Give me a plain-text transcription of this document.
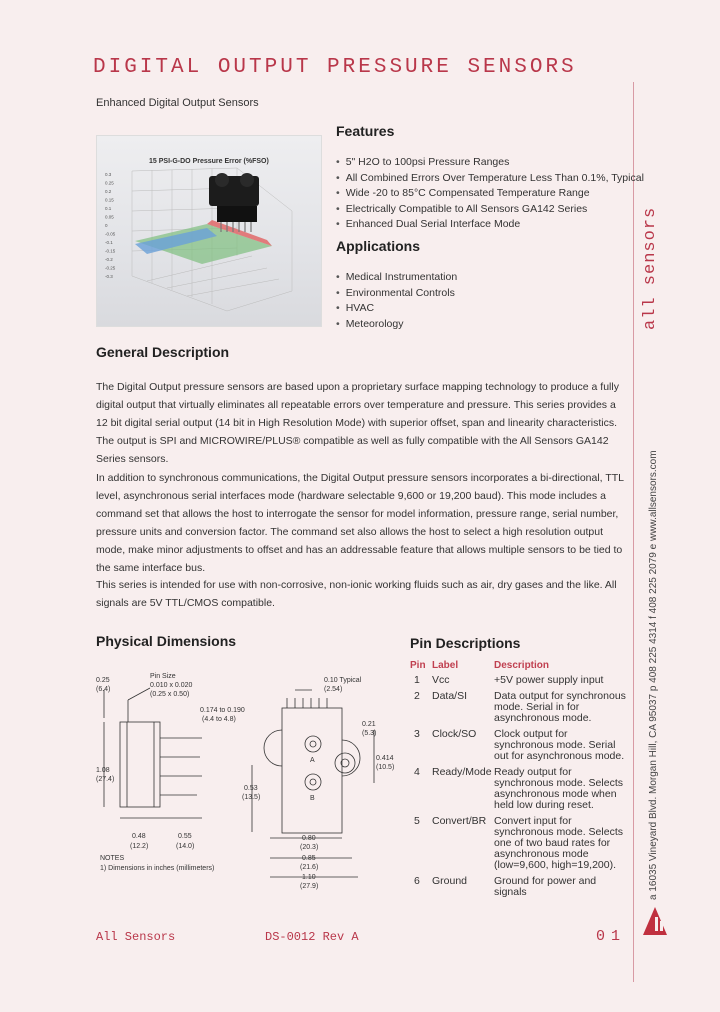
DIGITAL OUTPUT PRESSURE SENSORS
Enhanced Digital Output Sensors
15 PSI-G-DO Pressure Error (%FSO)
0.3
0.25
0.2
0.15
0.1
0.05
0
-0.05
-0.1
-0.15
-0.2
-0.25
-0.3
Features
• 5" H2O to 100psi Pressure Ranges
• All Combined Errors Over Temperature Less Than 0.1%, Typical
• Wide -20 to 85°C Compensated Temperature Range
• Electrically Compatible to All Sensors GA142 Series
• Enhanced Dual Serial Interface Mode
Applications
• Medical Instrumentation
• Environmental Controls
• HVAC
• Meteorology
General Description

The Digital Output pressure sensors are based upon a proprietary surface mapping technology to produce a fully digital output that virtually eliminates all repeatable errors over temperature and pressure. This series provides a 12 bit digital serial output (14 bit in High Resolution Mode) with superior offset, span and linearity characteristics. The output is SPI and MICROWIRE/PLUS® compatible as well as fully compatible with the All Sensors GA142 Series sensors.

In addition to synchronous communications, the Digital Output pressure sensors incorporates a bi-directional, TTL level, asynchronous serial interfaces mode (hardware selectable 9,600 or 19,200 baud). This mode includes a command set that allows the host to interrogate the sensor for model information, pressure range, serial number, pressure units and conversion factor. The command set also allows the host to select a high resolution output mode, make minor adjustments to offset and has an addressable feature that allows multiple sensors to be tied to the same interface bus.

This series is intended for use with non-corrosive, non-ionic working fluids such as air, dry gases and the like. All signals are 5V TTL/CMOS compatible.

Physical Dimensions
0.25
(6.4)
Pin Size
0.010 x 0.020
(0.25 x 0.50)
0.174 to 0.190
(4.4 to 4.8)
1.08
(27.4)
0.48
(12.2)
0.55
(14.0)
0.10 Typical
(2.54)
0.21
(5.3)
0.414
(10.5)
0.53
(13.5)
A
B
0.80
(20.3)
0.85
(21.6)
1.10
(27.9)
NOTES
1) Dimensions in inches (millimeters)
Pin Descriptions
Pin	Label	Description
1	Vcc	+5V power supply input
2	Data/SI	Data output for synchronous mode. Serial in for asynchronous mode.
3	Clock/SO	Clock output for synchronous mode. Serial out for asynchronous mode.
4	Ready/Mode	Ready output for synchronous mode. Selects asynchronous mode when held low during reset.
5	Convert/BR	Convert input for synchronous mode. Selects one of two baud rates for asynchronous mode (low=9,600, high=19,200).
6	Ground	Ground for power and signals
all sensors
a 16035 Vineyard Blvd. Morgan Hill, CA 95037 p 408 225 4314 f 408 225 2079 e www.allsensors.com
All Sensors	DS-0012 Rev A	01
